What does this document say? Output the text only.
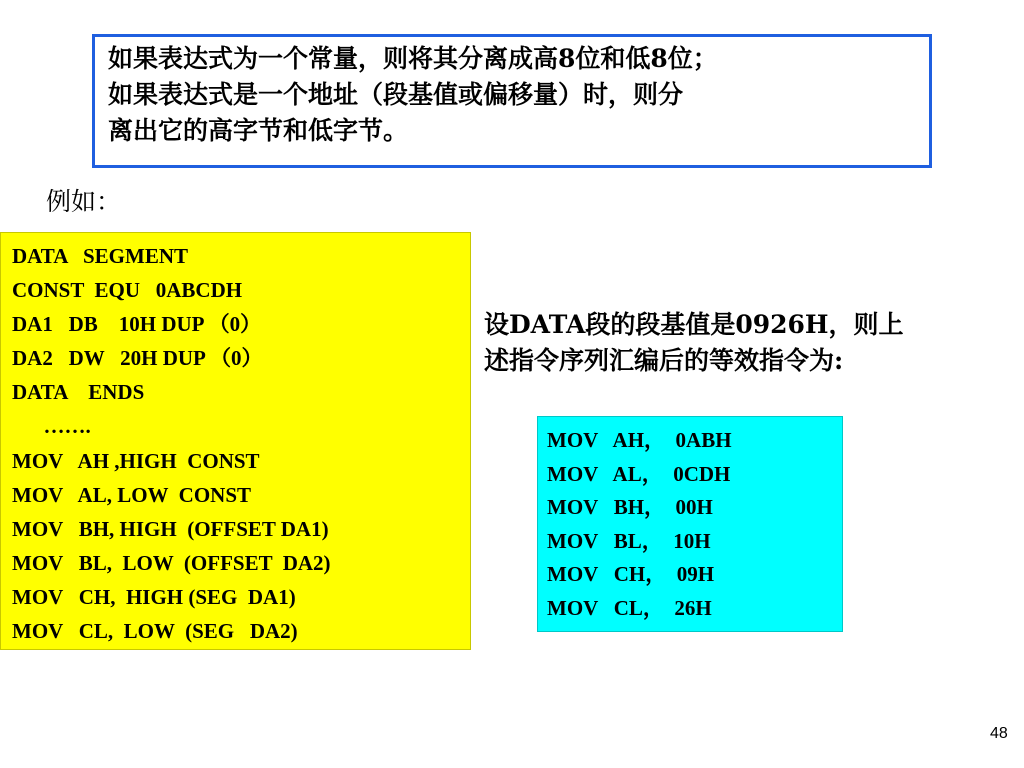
如果表达式为一个常量，则将其分离成高8位和低8位；
如果表达式是一个地址（段基值或偏移量）时，则分
离出它的高字节和低字节。
例如：
DATA   SEGMENT
CONST  EQU   0ABCDH
DA1   DB    10H DUP （0）
DA2   DW   20H DUP （0）
DATA    ENDS
…….
MOV   AH ,HIGH  CONST
MOV   AL, LOW  CONST
MOV   BH, HIGH  (OFFSET DA1)
MOV   BL,  LOW  (OFFSET  DA2)
MOV   CH,  HIGH (SEG  DA1)
MOV   CL,  LOW  (SEG   DA2)
设DATA段的段基值是0926H，则上
述指令序列汇编后的等效指令为:
MOV   AH，  0ABH
MOV   AL，  0CDH
MOV   BH，  00H
MOV   BL，  10H
MOV   CH，  09H
MOV   CL，  26H
48
